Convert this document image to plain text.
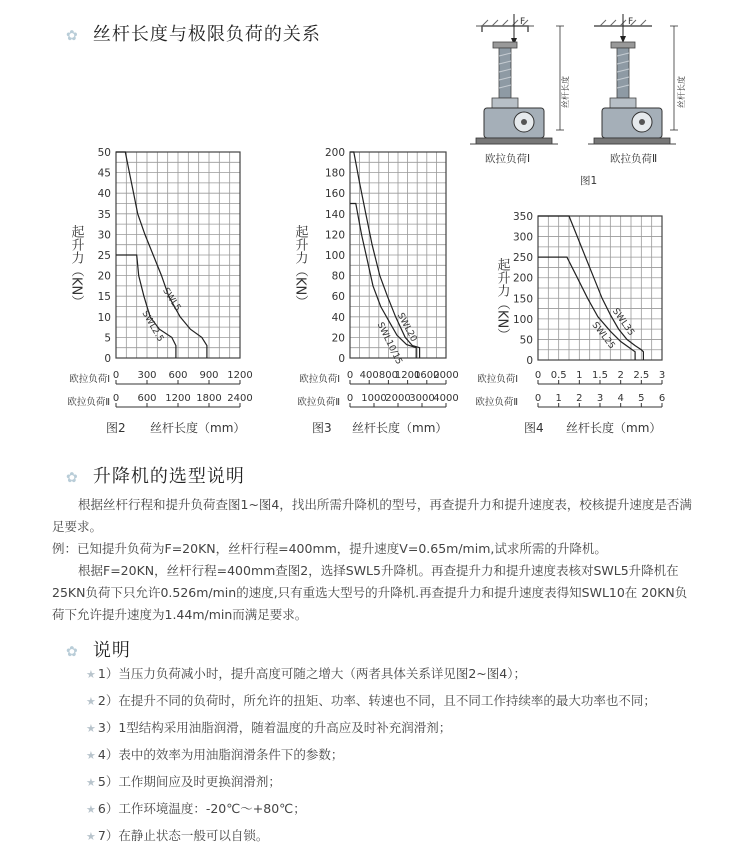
✿ 丝杆长度与极限负荷的关系
F
丝杆长度
欧拉负荷Ⅰ
F
丝杆长度
欧拉负荷Ⅱ
图1
0
5
10
15
20
25
30
35
40
45
50
起升力（KN）	SWL5
SWL2.5
欧拉负荷Ⅰ 0 300 600 900 1200
欧拉负荷Ⅱ 0 600 1200 1800 2400
图2 丝杆长度（mm）
0
20
40
60
80
100
120
140
160
180
200
起升力（KN）
SWL20
SWL10/15
欧拉负荷Ⅰ 0 400 800
1200
1600
2000
欧拉负荷Ⅱ 0 1000
2000
3000
4000
图3 丝杆长度（mm）
0
50
100
150
200
250
300
350
起升力（KN）	SWL35
SWL25
欧拉负荷Ⅰ 0 0.5 1 1.5 2 2.5 3
欧拉负荷Ⅱ 0 1 2 3 4 5 6
图4 丝杆长度（mm）
✿ 升降机的选型说明
根据丝杆行程和提升负荷查图1~图4，找出所需升降机的型号，再查提升力和提升速度表，校核提升速度是否满足要求。
例：已知提升负荷为F=20KN，丝杆行程=400mm，提升速度V=0.65m/mim,试求所需的升降机。
根据F=20KN，丝杆行程=400mm查图2，选择SWL5升降机。再查提升力和提升速度表核对SWL5升降机在25KN负荷下只允许0.526m/min的速度,只有重选大型号的升降机.再查提升力和提升速度表得知SWL10在 20KN负荷下允许提升速度为1.44m/min而满足要求。
✿ 说明
★ 1）当压力负荷减小时，提升高度可随之增大（两者具体关系详见图2~图4）；
★ 2）在提升不同的负荷时，所允许的扭矩、功率、转速也不同，且不同工作持续率的最大功率也不同；
★ 3）1型结构采用油脂润滑，随着温度的升高应及时补充润滑剂；
★ 4）表中的效率为用油脂润滑条件下的参数；
★ 5）工作期间应及时更换润滑剂；
★ 6）工作环境温度：-20℃～+80℃；
★ 7）在静止状态一般可以自锁。
